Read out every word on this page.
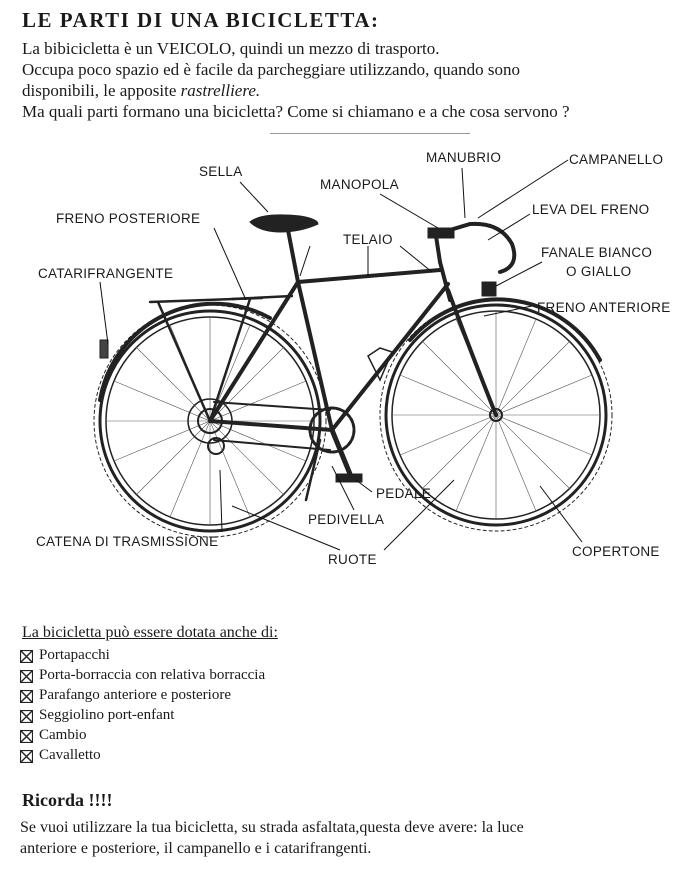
LE PARTI DI UNA BICICLETTA:

La bibicicletta è un VEICOLO, quindi un mezzo di trasporto.
Occupa poco spazio ed è facile da parcheggiare utilizzando, quando sono
disponibili, le apposite rastrelliere.
Ma quali parti formano una bicicletta? Come si chiamano e a che cosa servono ?

SELLA
MANUBRIO	CAMPANELLO
MANOPOLA
FRENO POSTERIORE
LEVA DEL FRENO
TELAIO
FANALE BIANCO
O GIALLO
CATARIFRANGENTE
FRENO ANTERIORE
PEDALE
PEDIVELLA
CATENA DI TRASMISSIONE
RUOTE
COPERTONE

La bicicletta può essere dotata anche di:

Portapacchi
Porta-borraccia con relativa borraccia
Parafango anteriore e posteriore
Seggiolino port-enfant
Cambio
Cavalletto
Ricorda !!!!

Se vuoi utilizzare la tua bicicletta, su strada asfaltata,questa deve avere: la luce
anteriore e posteriore, il campanello e i catarifrangenti.
